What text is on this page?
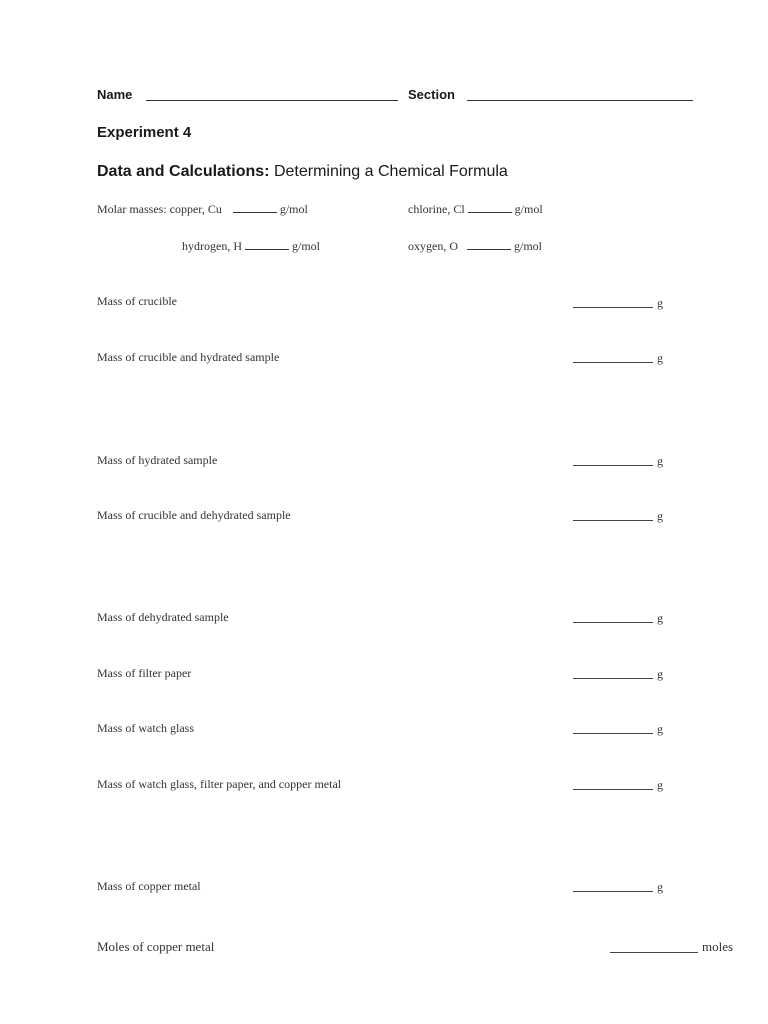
Name	Section
Experiment 4
Data and Calculations: Determining a Chemical Formula
Molar masses: copper, Cu	g/mol	chlorine, Cl	g/mol
hydrogen, H	g/mol	oxygen, O	g/mol
Mass of crucible	g
Mass of crucible and hydrated sample	g
Mass of hydrated sample	g
Mass of crucible and dehydrated sample	g
Mass of dehydrated sample	g
Mass of filter paper	g
Mass of watch glass	g
Mass of watch glass, filter paper, and copper metal	g
Mass of copper metal	g
Moles of copper metal	moles
